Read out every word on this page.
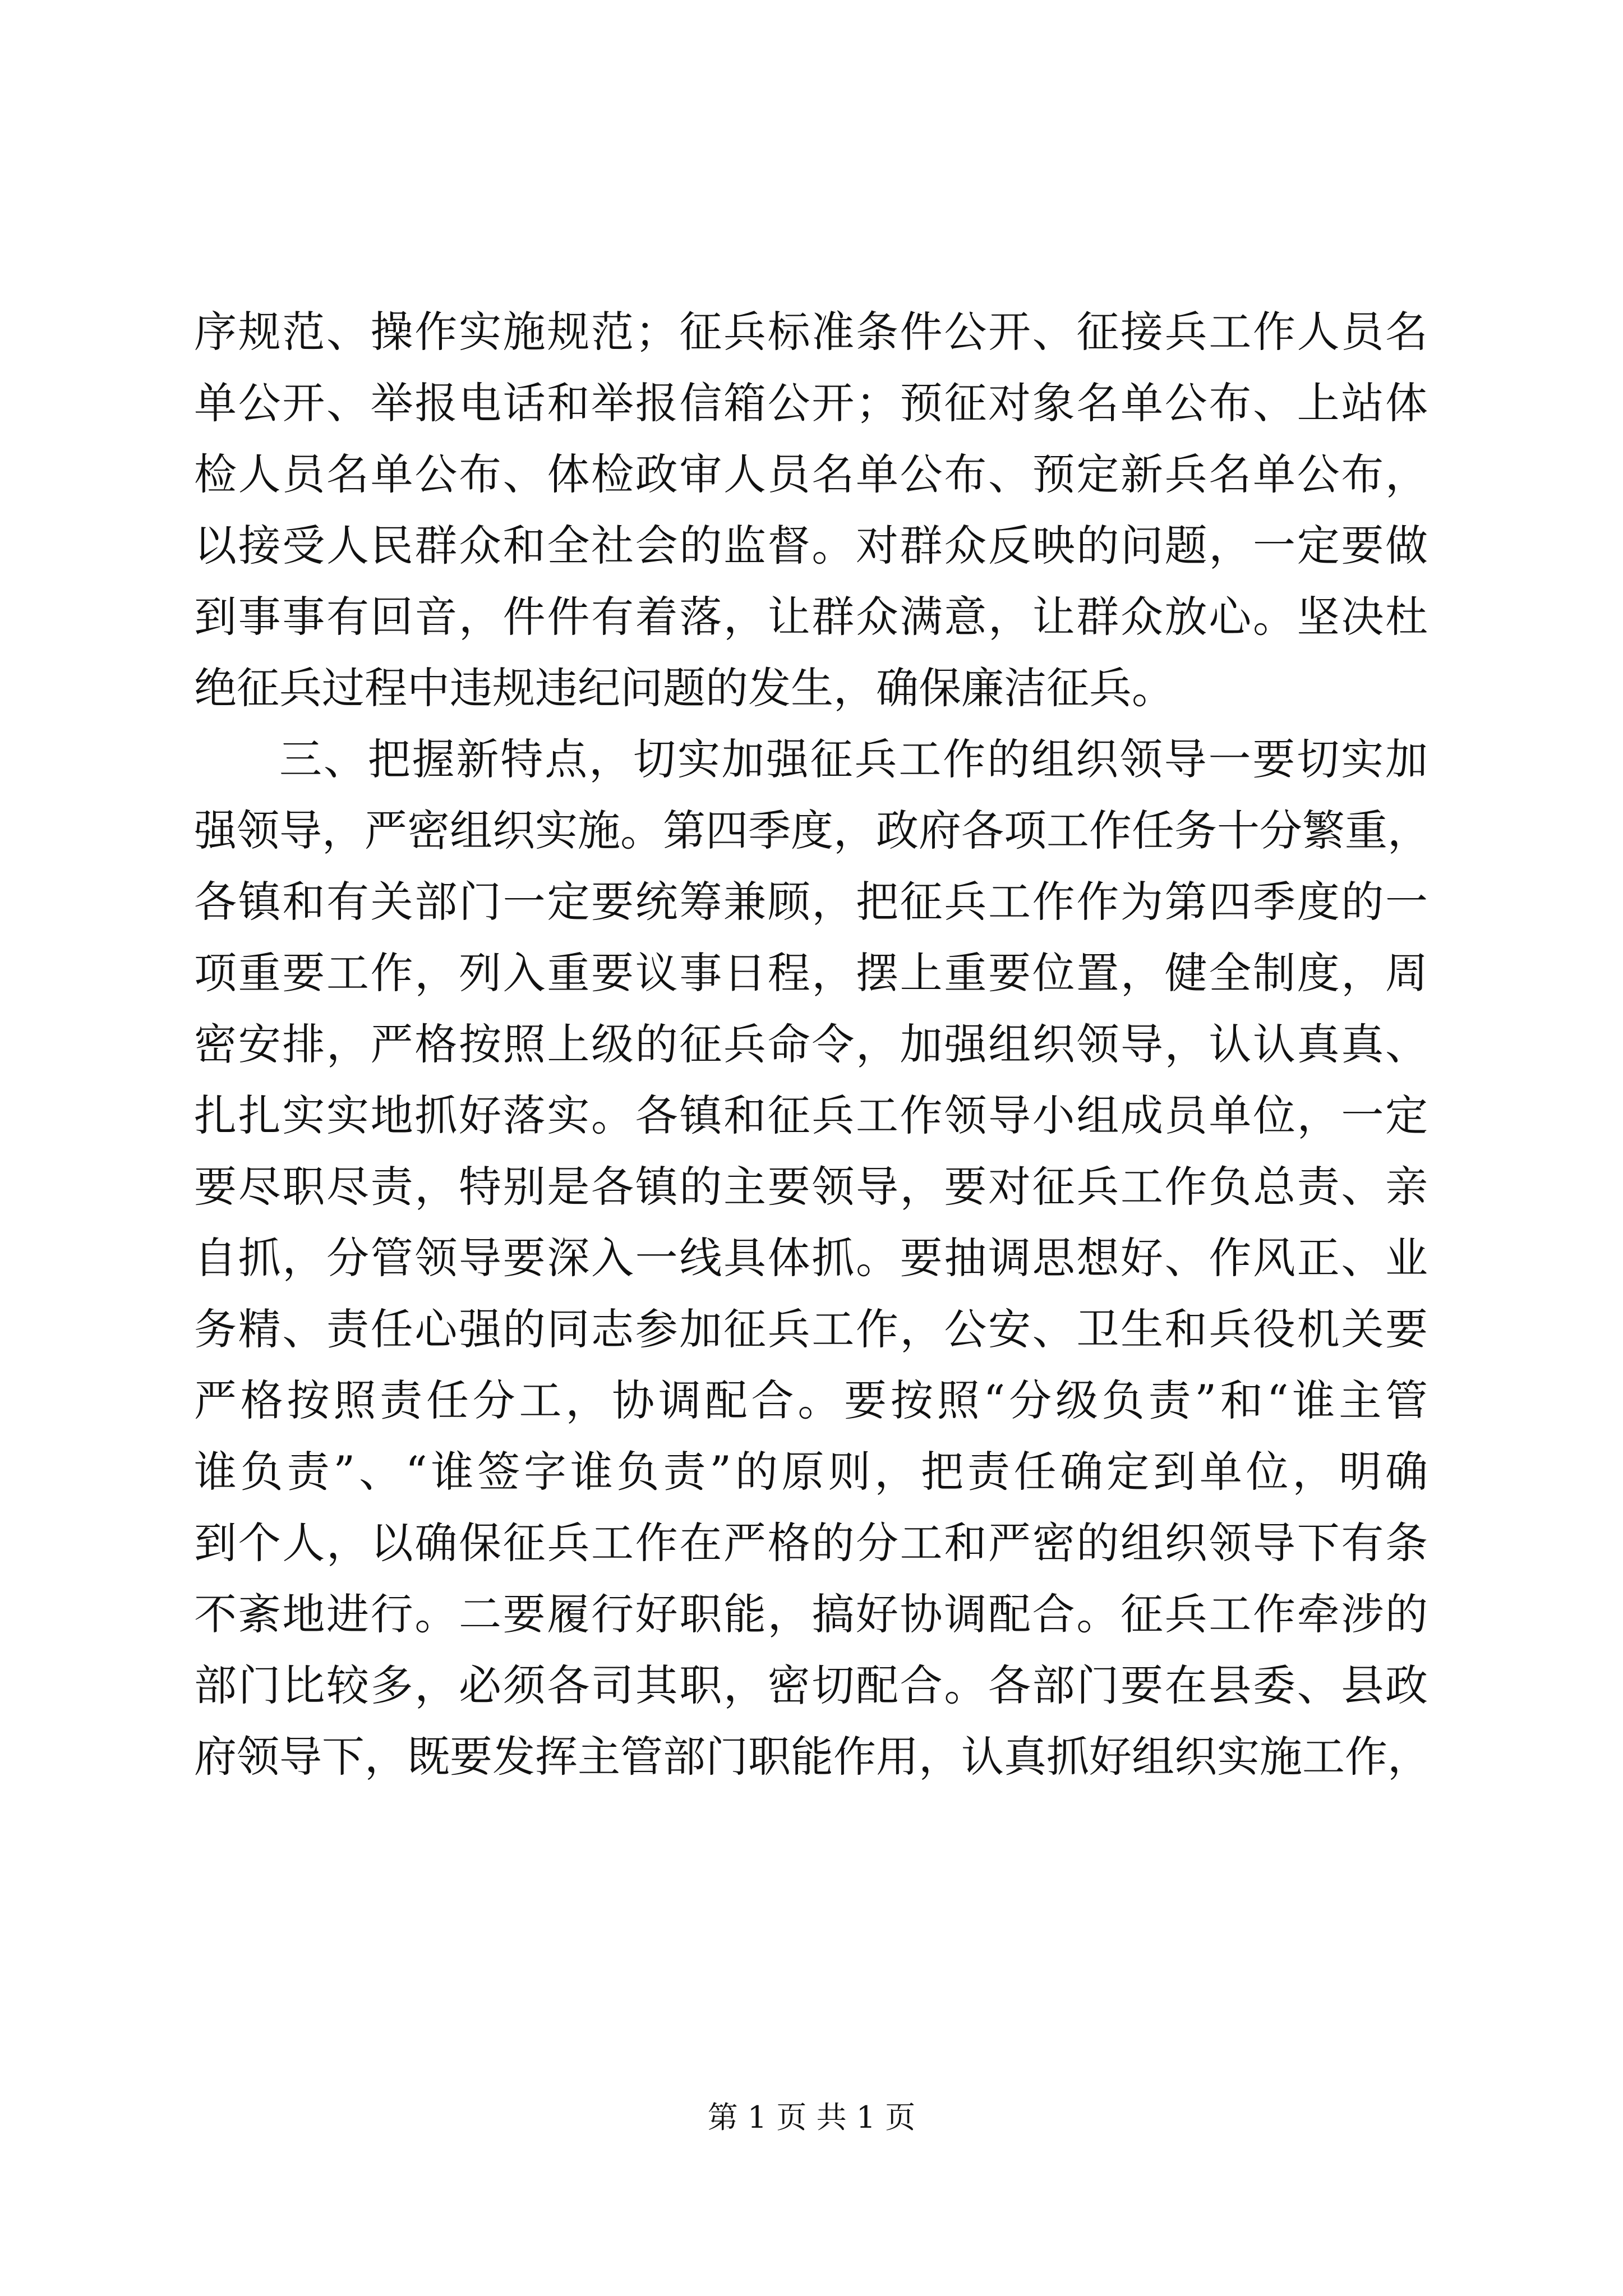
序规范、操作实施规范；征兵标准条件公开、征接兵工作人员名
单公开、举报电话和举报信箱公开；预征对象名单公布、上站体
检人员名单公布、体检政审人员名单公布、预定新兵名单公布，
以接受人民群众和全社会的监督。对群众反映的问题，一定要做
到事事有回音，件件有着落，让群众满意，让群众放心。坚决杜
绝征兵过程中违规违纪问题的发生，确保廉洁征兵。
三、把握新特点，切实加强征兵工作的组织领导一要切实加
强领导，严密组织实施。第四季度，政府各项工作任务十分繁重，
各镇和有关部门一定要统筹兼顾，把征兵工作作为第四季度的一
项重要工作，列入重要议事日程，摆上重要位置，健全制度，周
密安排，严格按照上级的征兵命令，加强组织领导，认认真真、
扎扎实实地抓好落实。各镇和征兵工作领导小组成员单位，一定
要尽职尽责，特别是各镇的主要领导，要对征兵工作负总责、亲
自抓，分管领导要深入一线具体抓。要抽调思想好、作风正、业
务精、责任心强的同志参加征兵工作，公安、卫生和兵役机关要
严格按照责任分工，协调配合。要按照“分级负责”和“谁主管
谁负责”、“谁签字谁负责”的原则，把责任确定到单位，明确
到个人，以确保征兵工作在严格的分工和严密的组织领导下有条
不紊地进行。二要履行好职能，搞好协调配合。征兵工作牵涉的
部门比较多，必须各司其职，密切配合。各部门要在县委、县政
府领导下，既要发挥主管部门职能作用，认真抓好组织实施工作，
第 1 页 共 1 页
